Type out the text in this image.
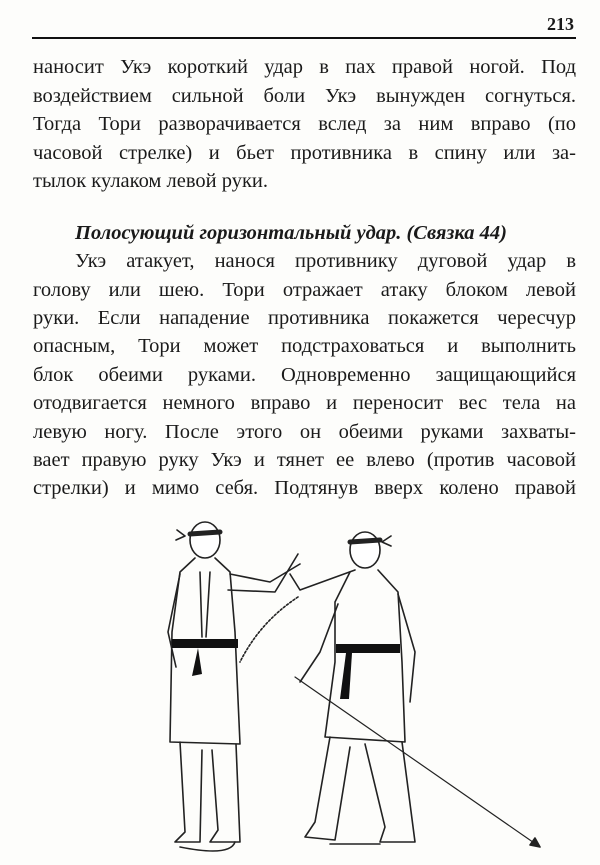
213
наносит Укэ короткий удар в пах правой ногой. Под
воздействием сильной боли Укэ вынужден согнуться.
Тогда Тори разворачивается вслед за ним вправо (по
часовой стрелке) и бьет противника в спину или за-
тылок кулаком левой руки.
Полосующий горизонтальный удар. (Связка 44)
Укэ атакует, нанося противнику дуговой удар в
голову или шею. Тори отражает атаку блоком левой
руки. Если нападение противника покажется чересчур
опасным, Тори может подстраховаться и выполнить
блок обеими руками. Одновременно защищающийся
отодвигается немного вправо и переносит вес тела на
левую ногу. После этого он обеими руками захваты-
вает правую руку Укэ и тянет ее влево (против часовой
стрелки) и мимо себя. Подтянув вверх колено правой
